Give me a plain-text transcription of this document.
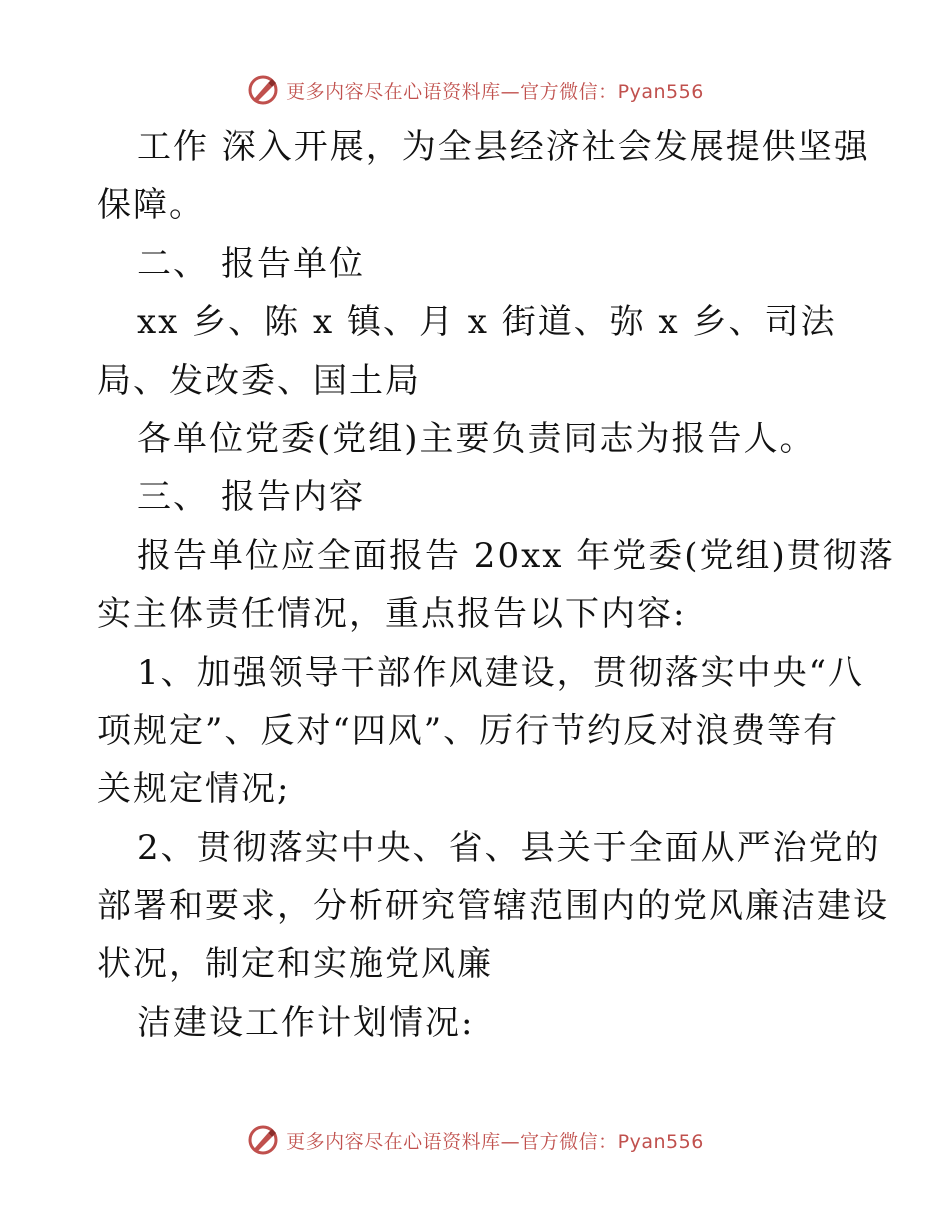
更多内容尽在心语资料库—官方微信：Pyan556
工作 深入开展，为全县经济社会发展提供坚强
保障。
二、 报告单位
xx 乡、陈 x 镇、月 x 街道、弥 x 乡、司法
局、发改委、国土局
各单位党委(党组)主要负责同志为报告人。
三、 报告内容
报告单位应全面报告 20xx 年党委(党组)贯彻落
实主体责任情况，重点报告以下内容:
1、加强领导干部作风建设，贯彻落实中央“八
项规定”、反对“四风”、厉行节约反对浪费等有
关规定情况;
2、贯彻落实中央、省、县关于全面从严治党的
部署和要求，分析研究管辖范围内的党风廉洁建设
状况，制定和实施党风廉
洁建设工作计划情况:
更多内容尽在心语资料库—官方微信：Pyan556
